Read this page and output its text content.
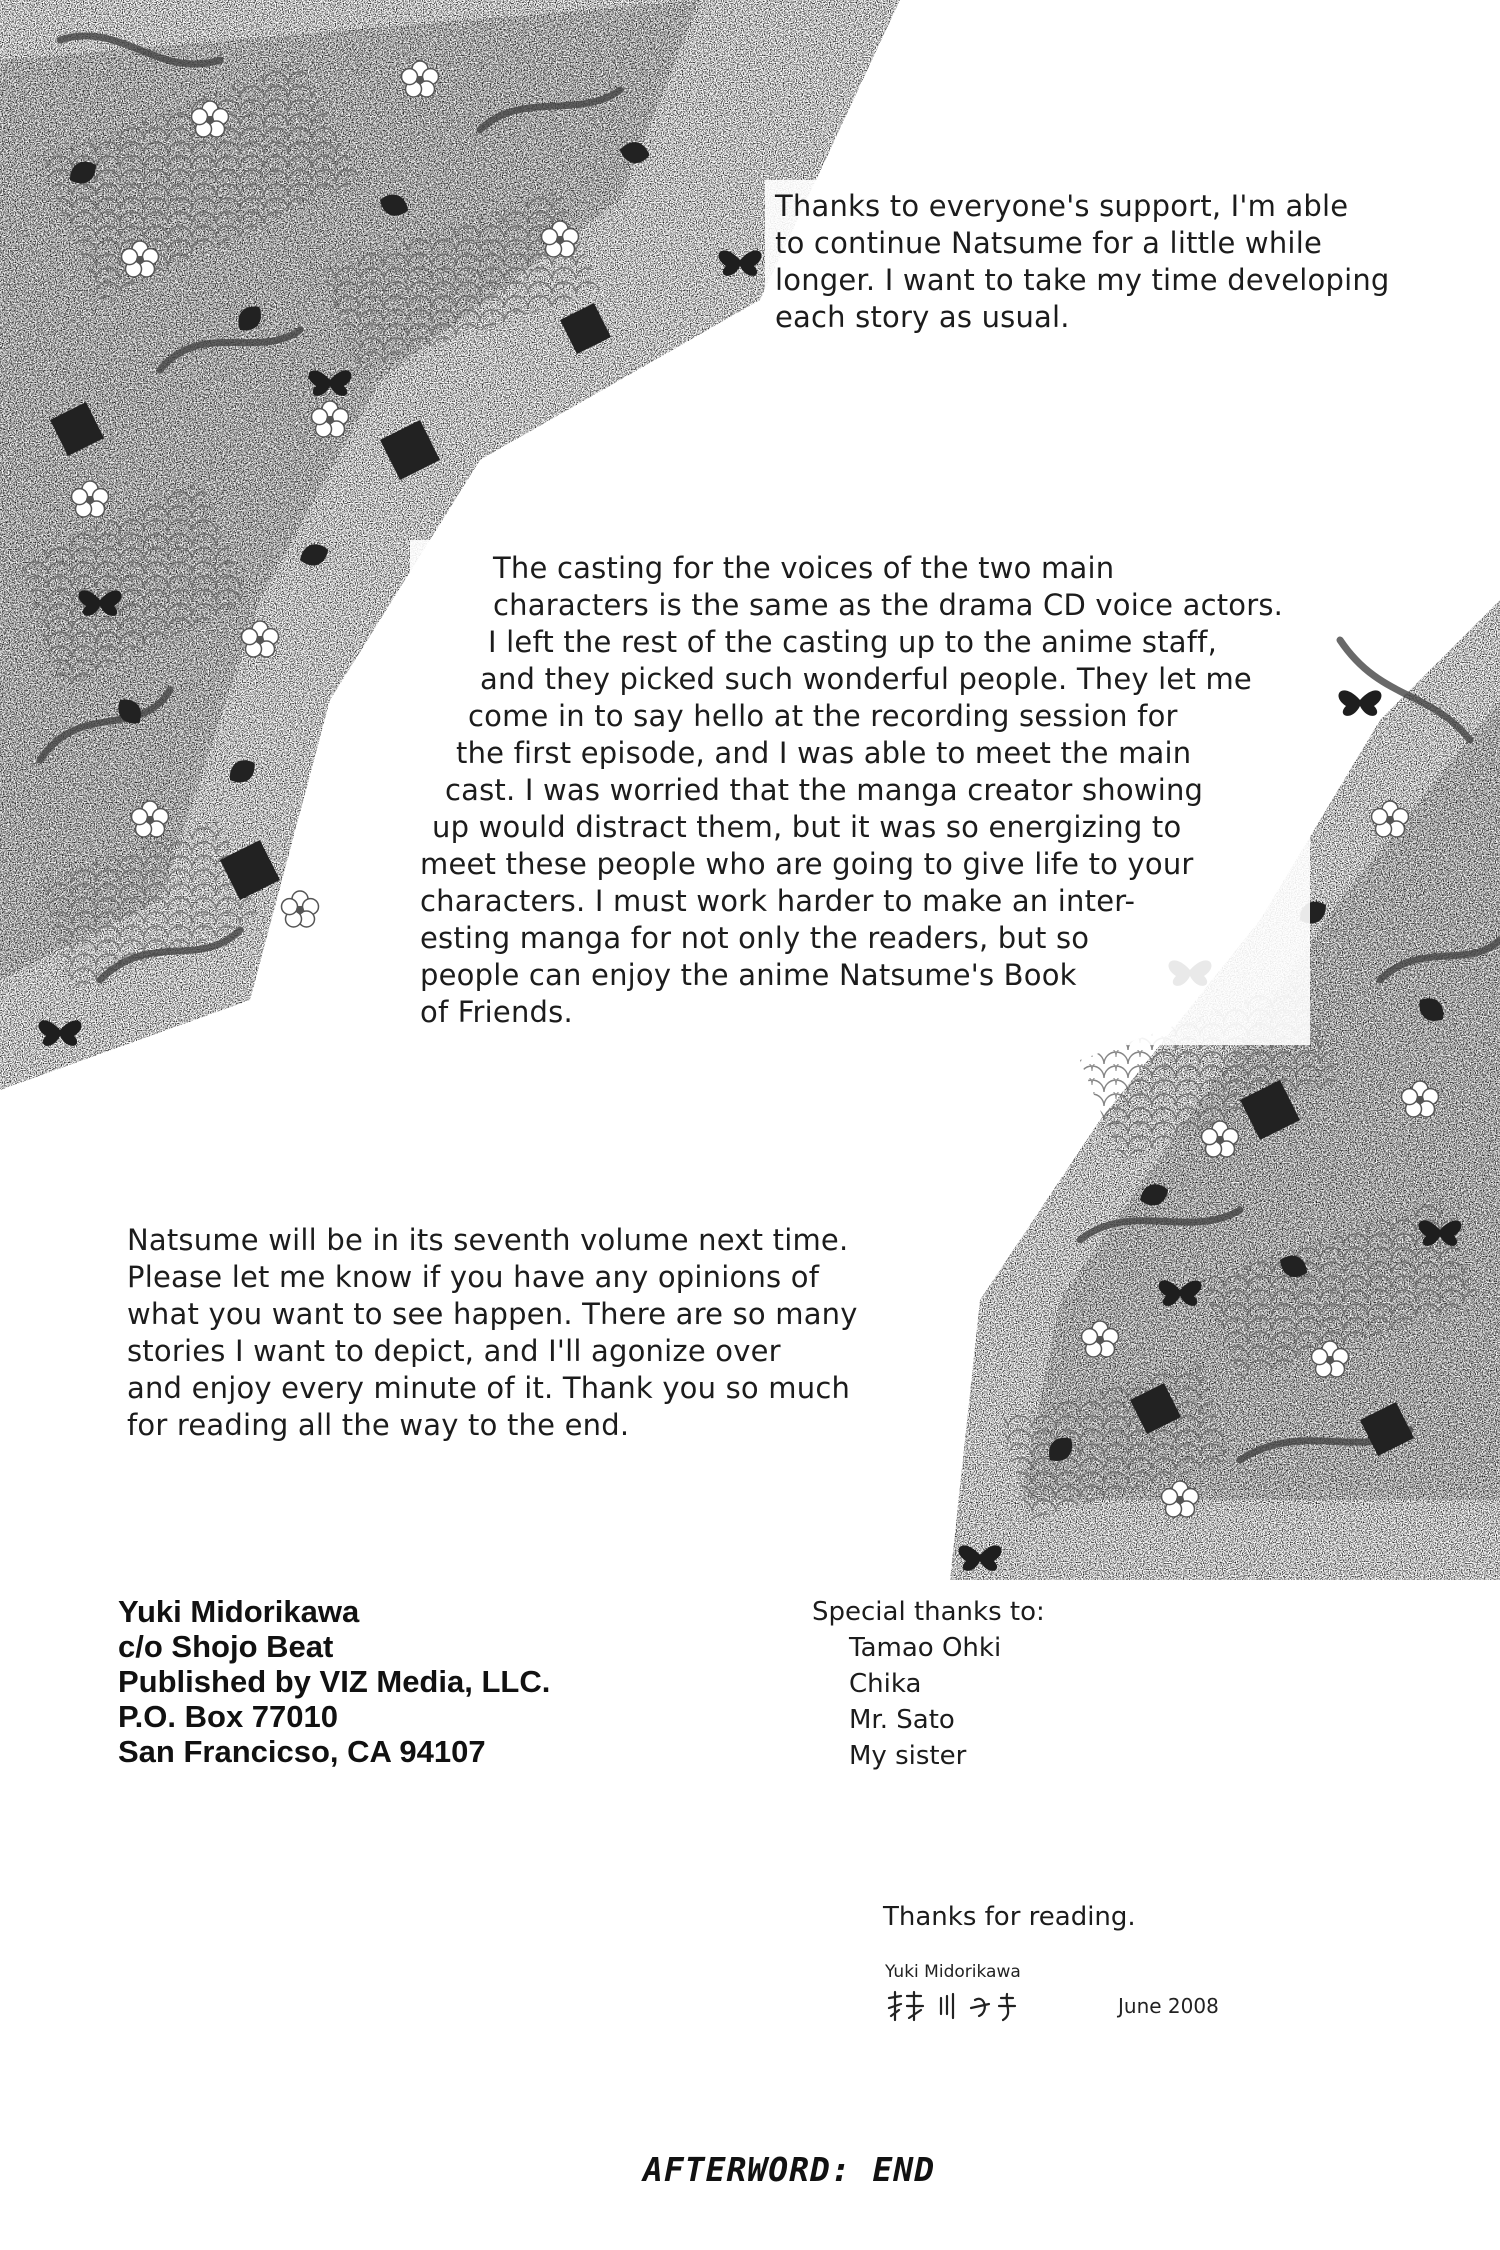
Thanks to everyone's support, I'm able
to continue Natsume for a little while
longer. I want to take my time developing
each story as usual.
The casting for the voices of the two main
characters is the same as the drama CD voice actors.
I left the rest of the casting up to the anime staff,
and they picked such wonderful people. They let me
come in to say hello at the recording session for
the first episode, and I was able to meet the main
cast. I was worried that the manga creator showing
up would distract them, but it was so energizing to
meet these people who are going to give life to your
characters. I must work harder to make an inter-
esting manga for not only the readers, but so
people can enjoy the anime Natsume's Book
of Friends.
Natsume will be in its seventh volume next time.
Please let me know if you have any opinions of
what you want to see happen. There are so many
stories I want to depict, and I'll agonize over
and enjoy every minute of it. Thank you so much
for reading all the way to the end.
Yuki Midorikawa
c/o Shojo Beat
Published by VIZ Media, LLC.
P.O. Box 77010
San Francicso, CA 94107
Special thanks to:
Tamao Ohki
Chika
Mr. Sato
My sister
Thanks for reading.
Yuki Midorikawa
June 2008
AFTERWORD: END
